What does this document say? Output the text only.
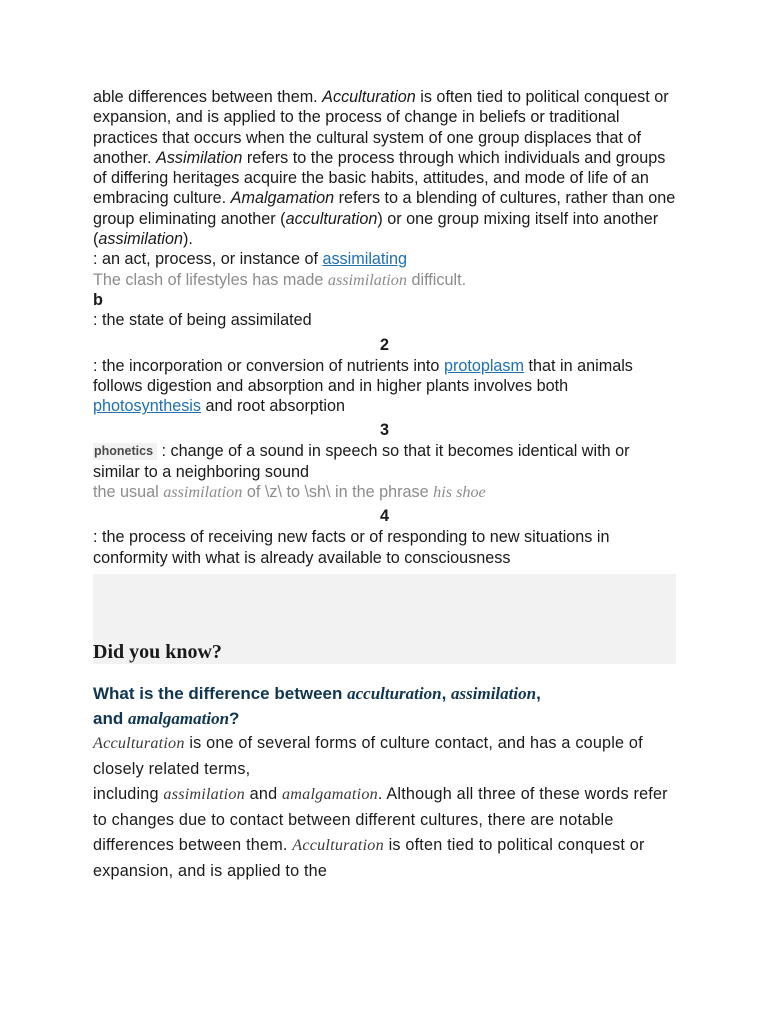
able differences between them. Acculturation is often tied to political conquest or expansion, and is applied to the process of change in beliefs or traditional practices that occurs when the cultural system of one group displaces that of another. Assimilation refers to the process through which individuals and groups of differing heritages acquire the basic habits, attitudes, and mode of life of an embracing culture. Amalgamation refers to a blending of cultures, rather than one group eliminating another (acculturation) or one group mixing itself into another (assimilation).

: an act, process, or instance of assimilating

The clash of lifestyles has made assimilation difficult.

b

: the state of being assimilated

2

: the incorporation or conversion of nutrients into protoplasm that in animals follows digestion and absorption and in higher plants involves both photosynthesis and root absorption

3

phonetics : change of a sound in speech so that it becomes identical with or similar to a neighboring sound

the usual assimilation of \z\ to \sh\ in the phrase his shoe

4

: the process of receiving new facts or of responding to new situations in conformity with what is already available to consciousness

Did you know?

What is the difference between acculturation, assimilation,
and amalgamation?

Acculturation is one of several forms of culture contact, and has a couple of closely related terms,
including assimilation and amalgamation. Although all three of these words refer to changes due to contact between different cultures, there are notable differences between them. Acculturation is often tied to political conquest or expansion, and is applied to the
